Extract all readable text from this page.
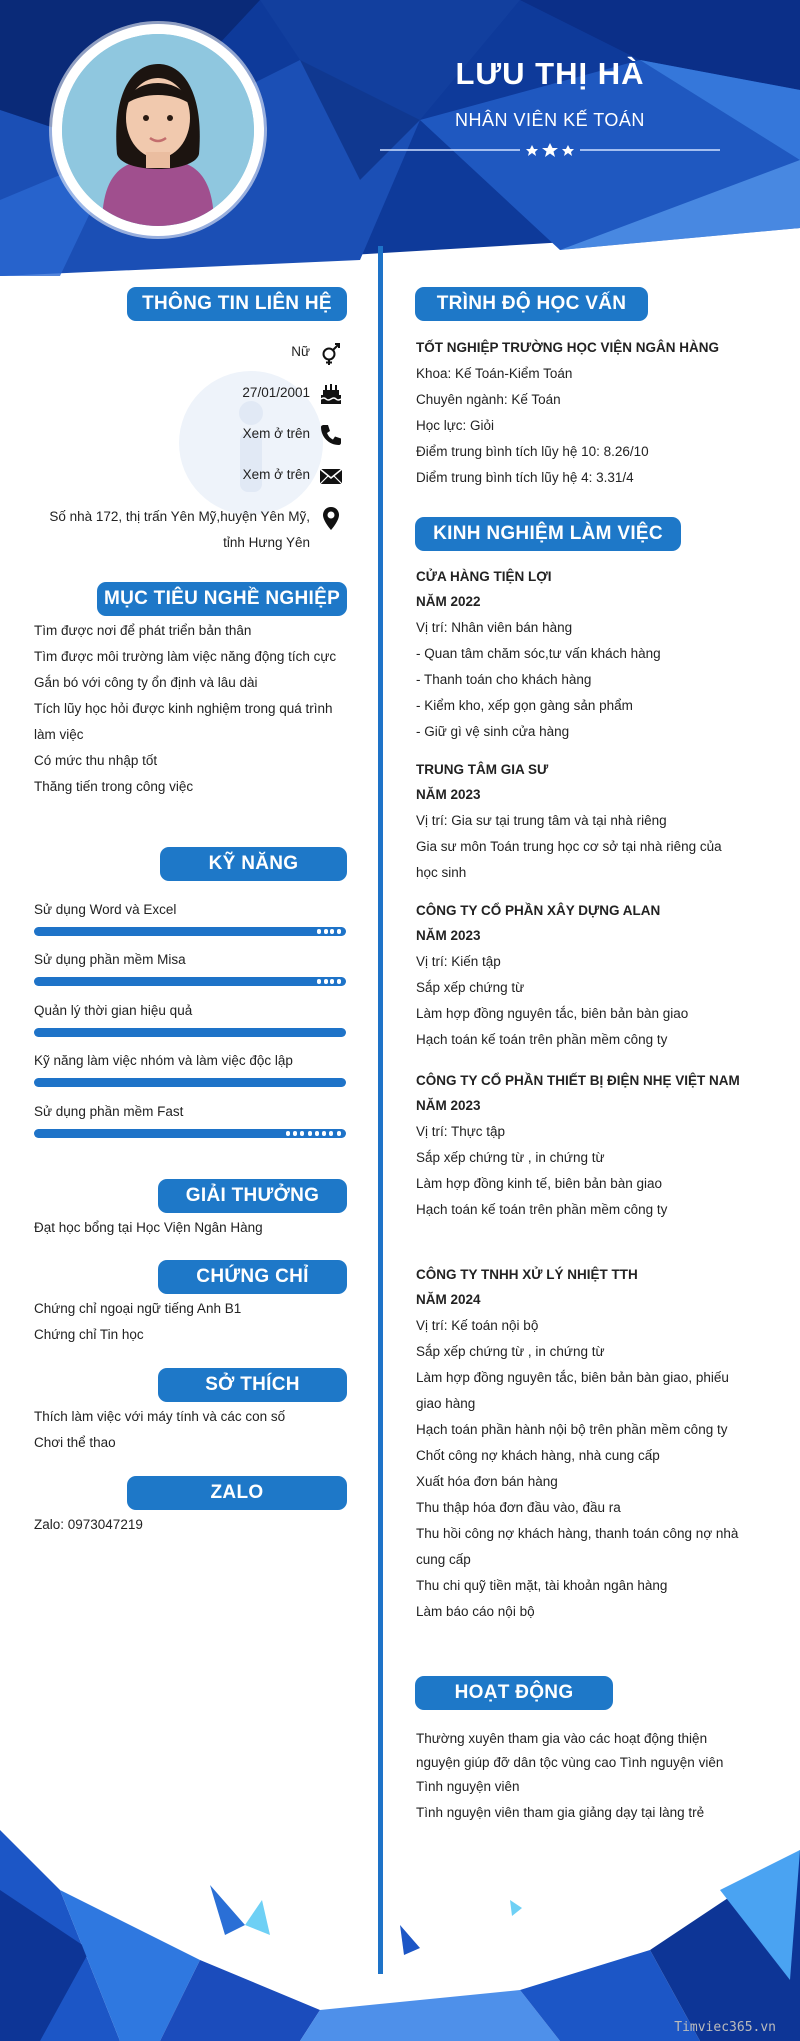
LƯU THỊ HÀ
NHÂN VIÊN KẾ TOÁN
THÔNG TIN LIÊN HỆ
Nữ
27/01/2001
Xem ở trên
Xem ở trên
Số nhà 172, thị trấn Yên Mỹ,huyện Yên Mỹ,
tỉnh Hưng Yên
MỤC TIÊU NGHỀ NGHIỆP
Tìm được nơi để phát triển bản thân
Tìm được môi trường làm việc năng động tích cực
Gắn bó với công ty ổn định và lâu dài
Tích lũy học hỏi được kinh nghiệm trong quá trình
làm việc
Có mức thu nhập tốt
Thăng tiến trong công việc
KỸ NĂNG
Sử dụng Word và Excel
Sử dụng phần mềm Misa
Quản lý thời gian hiệu quả
Kỹ năng làm việc nhóm và làm việc độc lập
Sử dụng phần mềm Fast
GIẢI THƯỞNG
Đạt học bổng tại Học Viện Ngân Hàng
CHỨNG CHỈ
Chứng chỉ ngoại ngữ tiếng Anh B1
Chứng chỉ Tin học
SỞ THÍCH
Thích làm việc với máy tính và các con số
Chơi thể thao
ZALO
Zalo: 0973047219
TRÌNH ĐỘ HỌC VẤN
TỐT NGHIỆP TRƯỜNG HỌC VIỆN NGÂN HÀNG
Khoa: Kế Toán-Kiểm Toán
Chuyên ngành: Kế Toán
Học lực: Giỏi
Điểm trung bình tích lũy hệ 10: 8.26/10
Diểm trung bình tích lũy hệ 4: 3.31/4
KINH NGHIỆM LÀM VIỆC
CỬA HÀNG TIỆN LỢI
NĂM 2022
Vị trí: Nhân viên bán hàng
- Quan tâm chăm sóc,tư vấn khách hàng
- Thanh toán cho khách hàng
- Kiểm kho, xếp gọn gàng sản phẩm
- Giữ gì vệ sinh cửa hàng
TRUNG TÂM GIA SƯ
NĂM 2023
Vị trí: Gia sư tại trung tâm và tại nhà riêng
Gia sư môn Toán trung học cơ sở tại nhà riêng của
học sinh
CÔNG TY CỔ PHẦN XÂY DỰNG ALAN
NĂM 2023
Vị trí: Kiến tập
Sắp xếp chứng từ
Làm hợp đồng nguyên tắc, biên bản bàn giao
Hạch toán kế toán trên phần mềm công ty
CÔNG TY CỔ PHẦN THIẾT BỊ ĐIỆN NHẸ VIỆT NAM
NĂM 2023
Vị trí: Thực tập
Sắp xếp chứng từ , in chứng từ
Làm hợp đồng kinh tế, biên bản bàn giao
Hạch toán kế toán trên phần mềm công ty
CÔNG TY TNHH XỬ LÝ NHIỆT TTH
NĂM 2024
Vị trí: Kế toán nội bộ
Sắp xếp chứng từ , in chứng từ
Làm hợp đồng nguyên tắc, biên bản bàn giao, phiếu
giao hàng
Hạch toán phần hành nội bộ trên phần mềm công ty
Chốt công nợ khách hàng, nhà cung cấp
Xuất hóa đơn bán hàng
Thu thập hóa đơn đầu vào, đầu ra
Thu hồi công nợ khách hàng, thanh toán công nợ nhà
cung cấp
Thu chi quỹ tiền mặt, tài khoản ngân hàng
Làm báo cáo nội bộ
HOẠT ĐỘNG
Thường xuyên tham gia vào các hoạt động thiện
nguyện giúp đỡ dân tộc vùng cao Tình nguyện viên
Tình nguyện viên
Tình nguyện viên tham gia giảng dạy tại làng trẻ
Timviec365.vn
